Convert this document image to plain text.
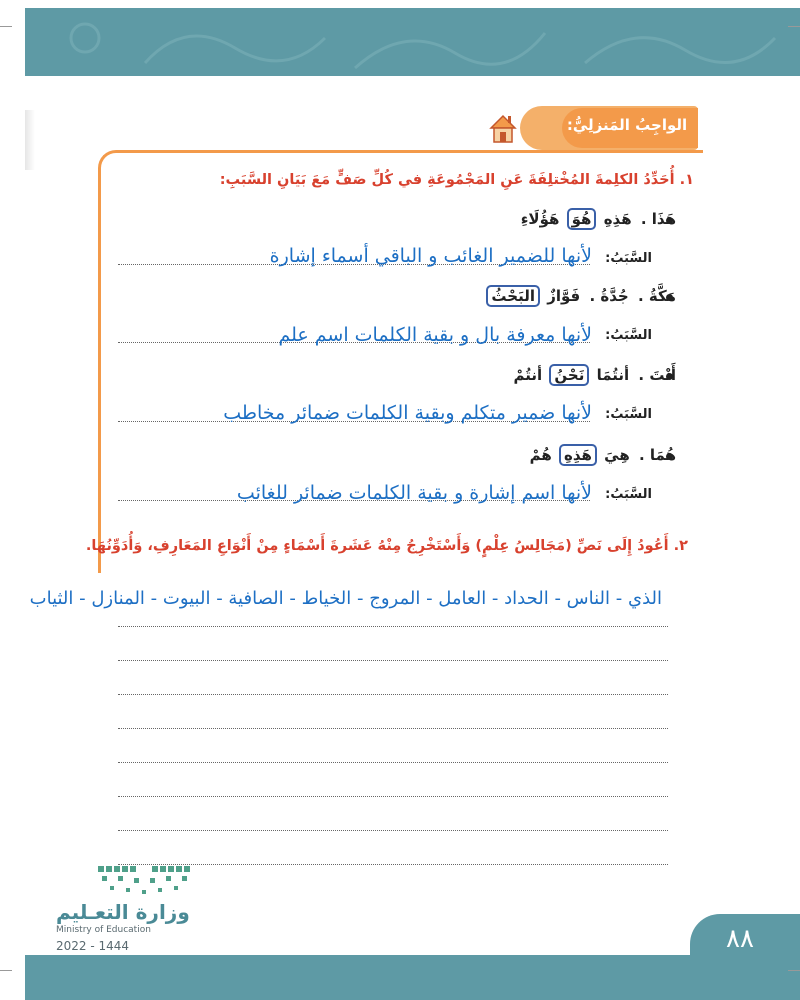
الواجِبُ المَنزلِيُّ:
١. أُحَدِّدُ الكلِمةَ المُخْتلِفَةَ عَنِ المَجْمُوعَةِ في كُلِّ صَفٍّ مَعَ بَيَانِ السَّبَبِ:
هَذَا . هَذِهِ هُوَ هَؤُلَاءِ
السَّبَبُ:
لأنها للضمير الغائب و الباقي أسماء إشارة
مَكَّةُ . جُدَّةُ . فَوَّازٌ البَحْثُ
السَّبَبُ:
لأنها معرفة بال و بقية الكلمات اسم علم
أَنْتَ . أنتُمَا نَحْنُ أنتُمْ
السَّبَبُ:
لأنها ضمير متكلم وبقية الكلمات ضمائر مخاطب
هُمَا . هِيَ هَذِهِ هُمْ
السَّبَبُ:
لأنها اسم إشارة و بقية الكلمات ضمائر للغائب
٢. أَعُودُ إِلَى نَصِّ (مَجَالِسُ عِلْمٍ) وَأَسْتَخْرِجُ مِنْهُ عَشَرةَ أَسْمَاءٍ مِنْ أَنْوَاعِ المَعَارِفِ، وَأُدَوِّنُهَا.
الذي - الناس - الحداد - العامل - المروج - الخياط - الصافية - البيوت - المنازل - الثياب
وزارة التعـليم
Ministry of Education
2022 - 1444	٨٨
